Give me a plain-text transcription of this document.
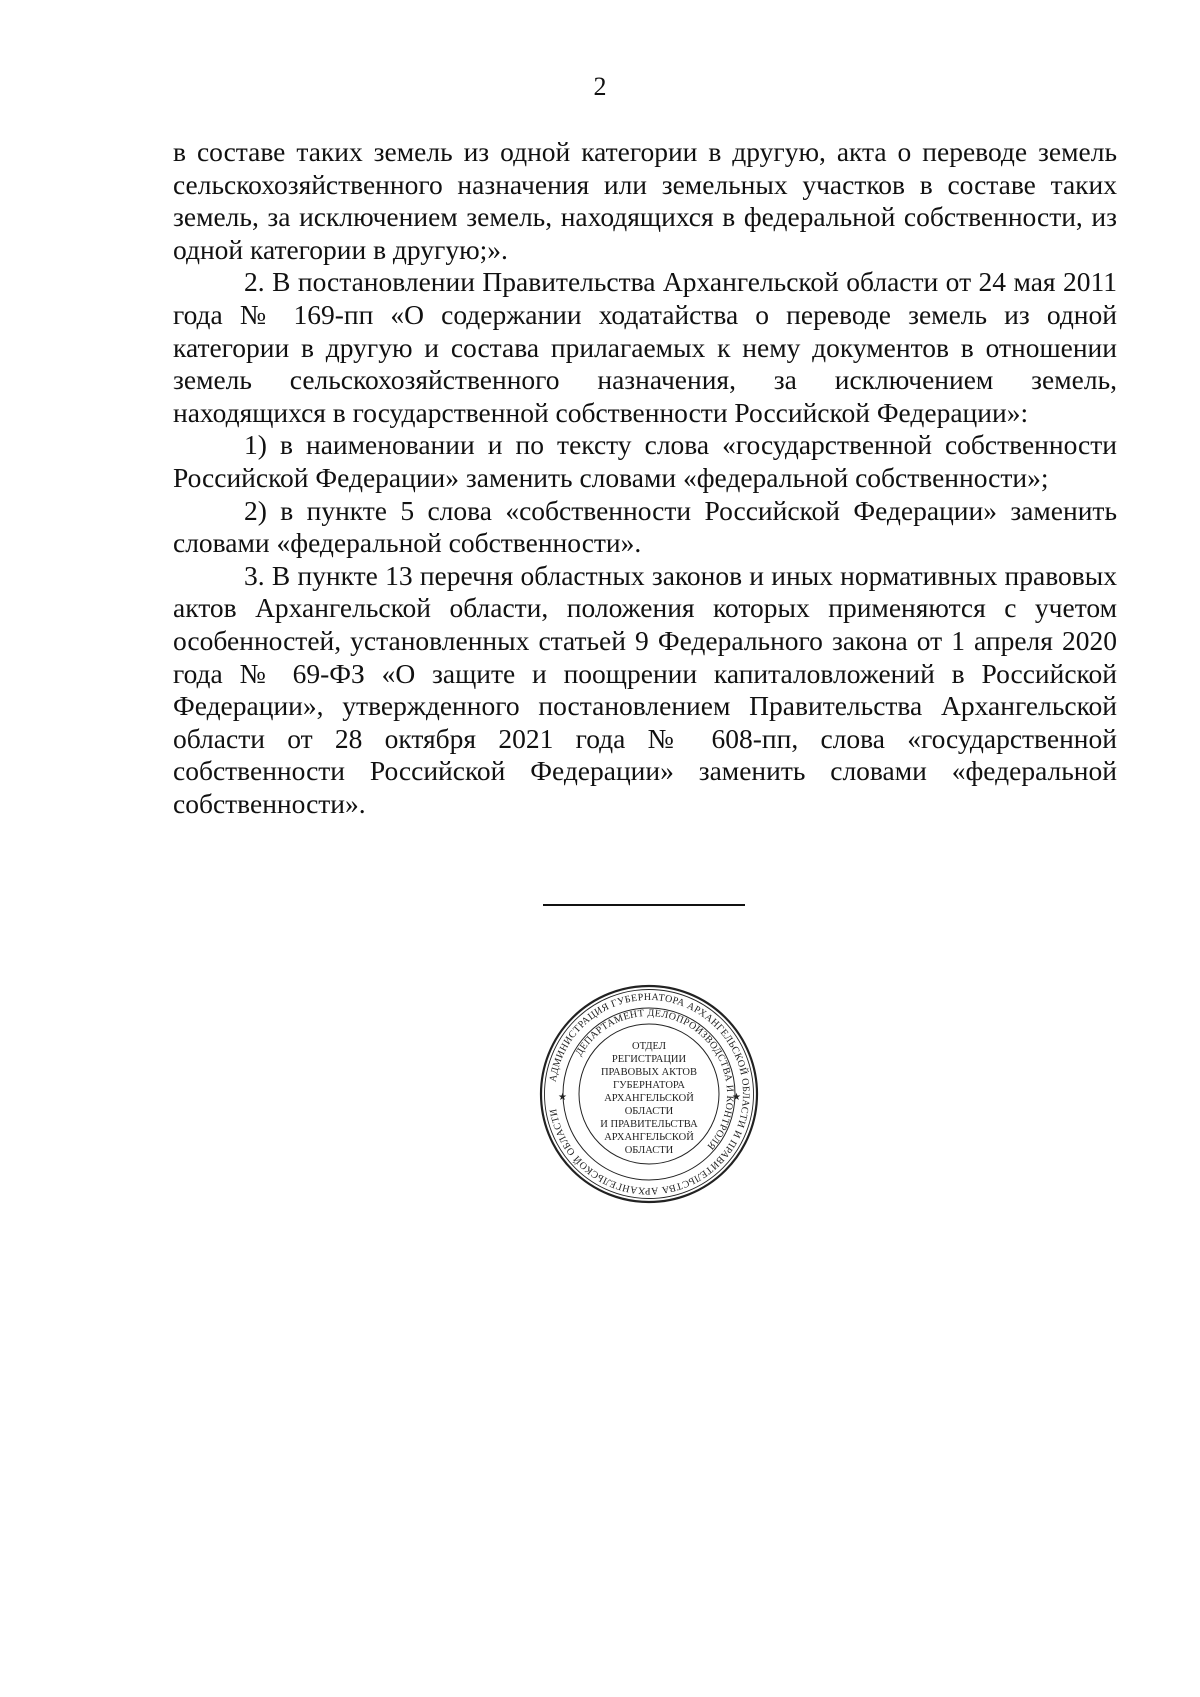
2

в составе таких земель из одной категории в другую, акта о переводе земель сельскохозяйственного назначения или земельных участков в составе таких земель, за исключением земель, находящихся в федеральной собственности, из одной категории в другую;».

2. В постановлении Правительства Архангельской области от 24 мая 2011 года № 169-пп «О содержании ходатайства о переводе земель из одной категории в другую и состава прилагаемых к нему документов в отношении земель сельскохозяйственного назначения, за исключением земель, находящихся в государственной собственности Российской Федерации»:

1) в наименовании и по тексту слова «государственной собственности Российской Федерации» заменить словами «федеральной собственности»;

2) в пункте 5 слова «собственности Российской Федерации» заменить словами «федеральной собственности».

3. В пункте 13 перечня областных законов и иных нормативных правовых актов Архангельской области, положения которых применяются с учетом особенностей, установленных статьей 9 Федерального закона от 1 апреля 2020 года № 69-ФЗ «О защите и поощрении капиталовложений в Российской Федерации», утвержденного постановлением Правительства Архангельской области от 28 октября 2021 года № 608-пп, слова «государственной собственности Российской Федерации» заменить словами «федеральной собственности».

АДМИНИСТРАЦИЯ ГУБЕРНАТОРА АРХАНГЕЛЬСКОЙ ОБЛАСТИ И ПРАВИТЕЛЬСТВА АРХАНГЕЛЬСКОЙ ОБЛАСТИ
ДЕПАРТАМЕНТ ДЕЛОПРОИЗВОДСТВА И КОНТРОЛЯ
ОТДЕЛ
РЕГИСТРАЦИИ
ПРАВОВЫХ АКТОВ
ГУБЕРНАТОРА
АРХАНГЕЛЬСКОЙ
ОБЛАСТИ
И ПРАВИТЕЛЬСТВА
АРХАНГЕЛЬСКОЙ
ОБЛАСТИ
★	★
